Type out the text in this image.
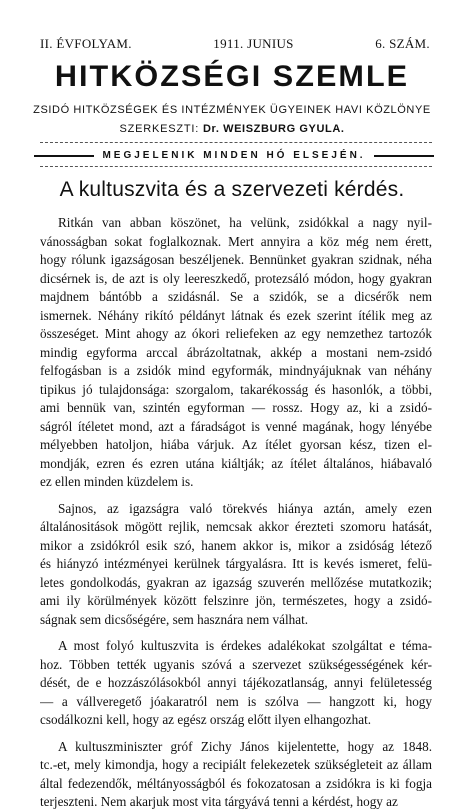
II. ÉVFOLYAM.	1911. JUNIUS	6. SZÁM.
HITKÖZSÉGI SZEMLE
ZSIDÓ HITKÖZSÉGEK ÉS INTÉZMÉNYEK ÜGYEINEK HAVI KÖZLÖNYE
SZERKESZTI: Dr. WEISZBURG GYULA.
MEGJELENIK MINDEN HÓ ELSEJÉN.
A kultuszvita és a szervezeti kérdés.
Ritkán van abban köszönet, ha velünk, zsidókkal a nagy nyil-
vánosságban sokat foglalkoznak. Mert annyira a köz még nem érett,
hogy rólunk igazságosan beszéljenek. Bennünket gyakran szidnak, néha
dicsérnek is, de azt is oly leereszkedő, protezsáló módon, hogy gyakran
majdnem bántóbb a szidásnál. Se a szidók, se a dicsérők nem
ismernek. Néhány rikító példányt látnak és ezek szerint ítélik meg az
összeséget. Mint ahogy az ókori reliefeken az egy nemzethez tartozók
mindig egyforma arccal ábrázoltatnak, akkép a mostani nem-zsidó
felfogásban is a zsidók mind egyformák, mindnyájuknak van néhány
tipikus jó tulajdonsága: szorgalom, takarékosság és hasonlók, a többi,
ami bennük van, szintén egyforman — rossz. Hogy az, ki a zsidó-
ságról ítéletet mond, azt a fáradságot is venné magának, hogy lényébe
mélyebben hatoljon, hiába várjuk. Az ítélet gyorsan kész, tizen el-
mondják, ezren és ezren utána kiáltják; az ítélet általános, hiábavaló
ez ellen minden küzdelem is.
Sajnos, az igazságra való törekvés hiánya aztán, amely ezen
általánositások mögött rejlik, nemcsak akkor érezteti szomoru hatását,
mikor a zsidókról esik szó, hanem akkor is, mikor a zsidóság létező
és hiányzó intézményei kerülnek tárgyalásra. Itt is kevés ismeret, felü-
letes gondolkodás, gyakran az igazság szuverén mellőzése mutatkozik;
ami ily körülmények között felszinre jön, természetes, hogy a zsidó-
ságnak sem dicsőségére, sem hasznára nem válhat.
A most folyó kultuszvita is érdekes adalékokat szolgáltat e téma-
hoz. Többen tették ugyanis szóvá a szervezet szükségességének kér-
dését, de e hozzászólásokból annyi tájékozatlanság, annyi felületesség
— a vállveregető jóakaratról nem is szólva — hangzott ki, hogy
csodálkozni kell, hogy az egész ország előtt ilyen elhangozhat.
A kultuszminiszter gróf Zichy János kijelentette, hogy az 1848.
tc.-et, mely kimondja, hogy a recipiált felekezetek szükségleteit az állam
által fedezendők, méltányosságból és fokozatosan a zsidókra is ki fogja
terjeszteni. Nem akarjuk most vita tárgyává tenni a kérdést, hogy az
